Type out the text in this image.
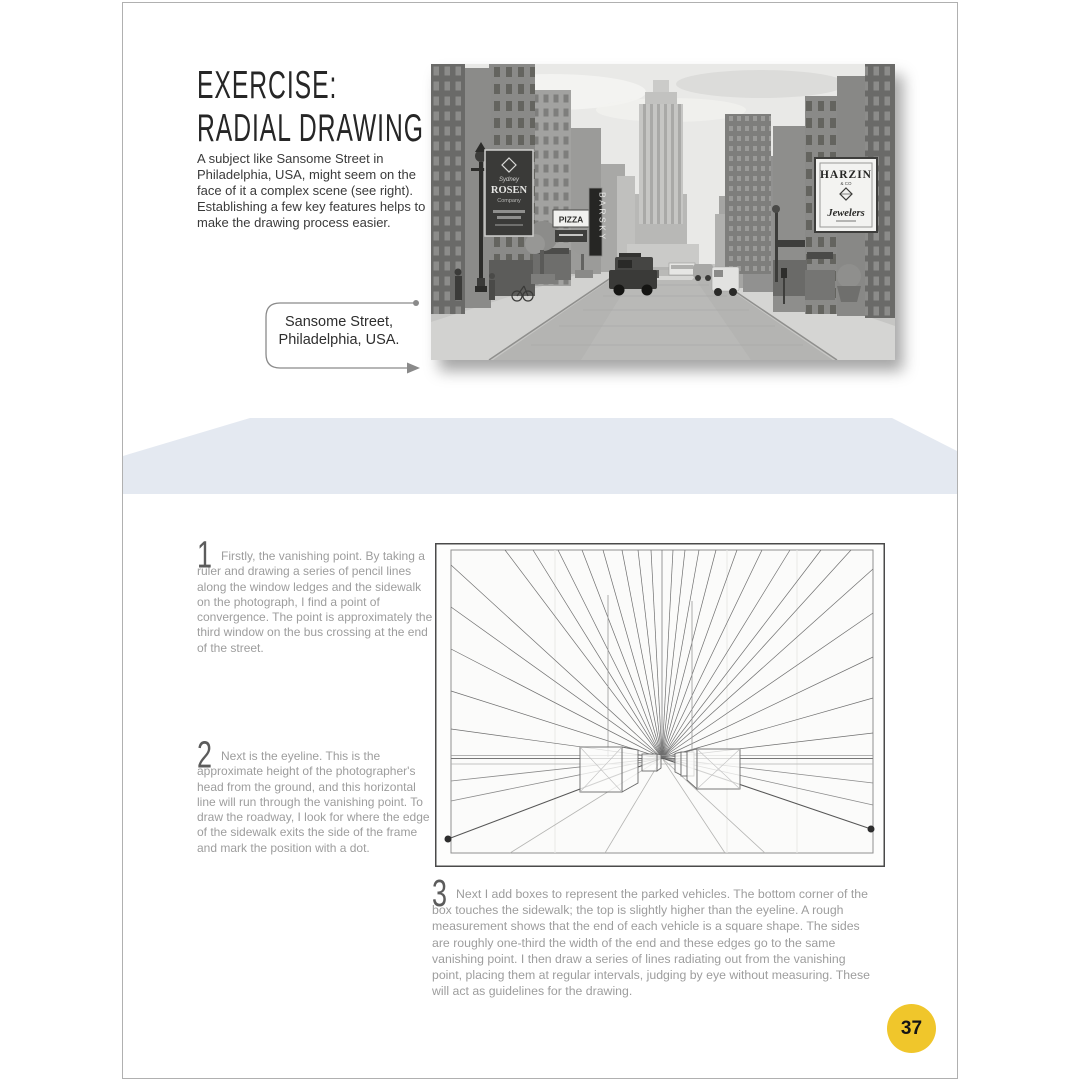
EXERCISE:
RADIAL DRAWING

A subject like Sansome Street in Philadelphia, USA, might seem on the face of it a complex scene (see right). Establishing a few key features helps to make the drawing process easier.

Sydney
ROSEN
Company
PIZZA BARSKY
HARZIN
& CO
Jewelers
Sansome Street,
Philadelphia, USA.
1 Firstly, the vanishing point. By taking a ruler and drawing a series of pencil lines along the window ledges and the sidewalk on the photograph, I find a point of convergence. The point is approximately the third window on the bus crossing at the end of the street.

2 Next is the eyeline. This is the approximate height of the photographer's head from the ground, and this horizontal line will run through the vanishing point. To draw the roadway, I look for where the edge of the sidewalk exits the side of the frame and mark the position with a dot.

3 Next I add boxes to represent the parked vehicles. The bottom corner of the box touches the sidewalk; the top is slightly higher than the eyeline. A rough measurement shows that the end of each vehicle is a square shape. The sides are roughly one-third the width of the end and these edges go to the same vanishing point. I then draw a series of lines radiating out from the vanishing point, placing them at regular intervals, judging by eye without measuring. These will act as guidelines for the drawing.

37
